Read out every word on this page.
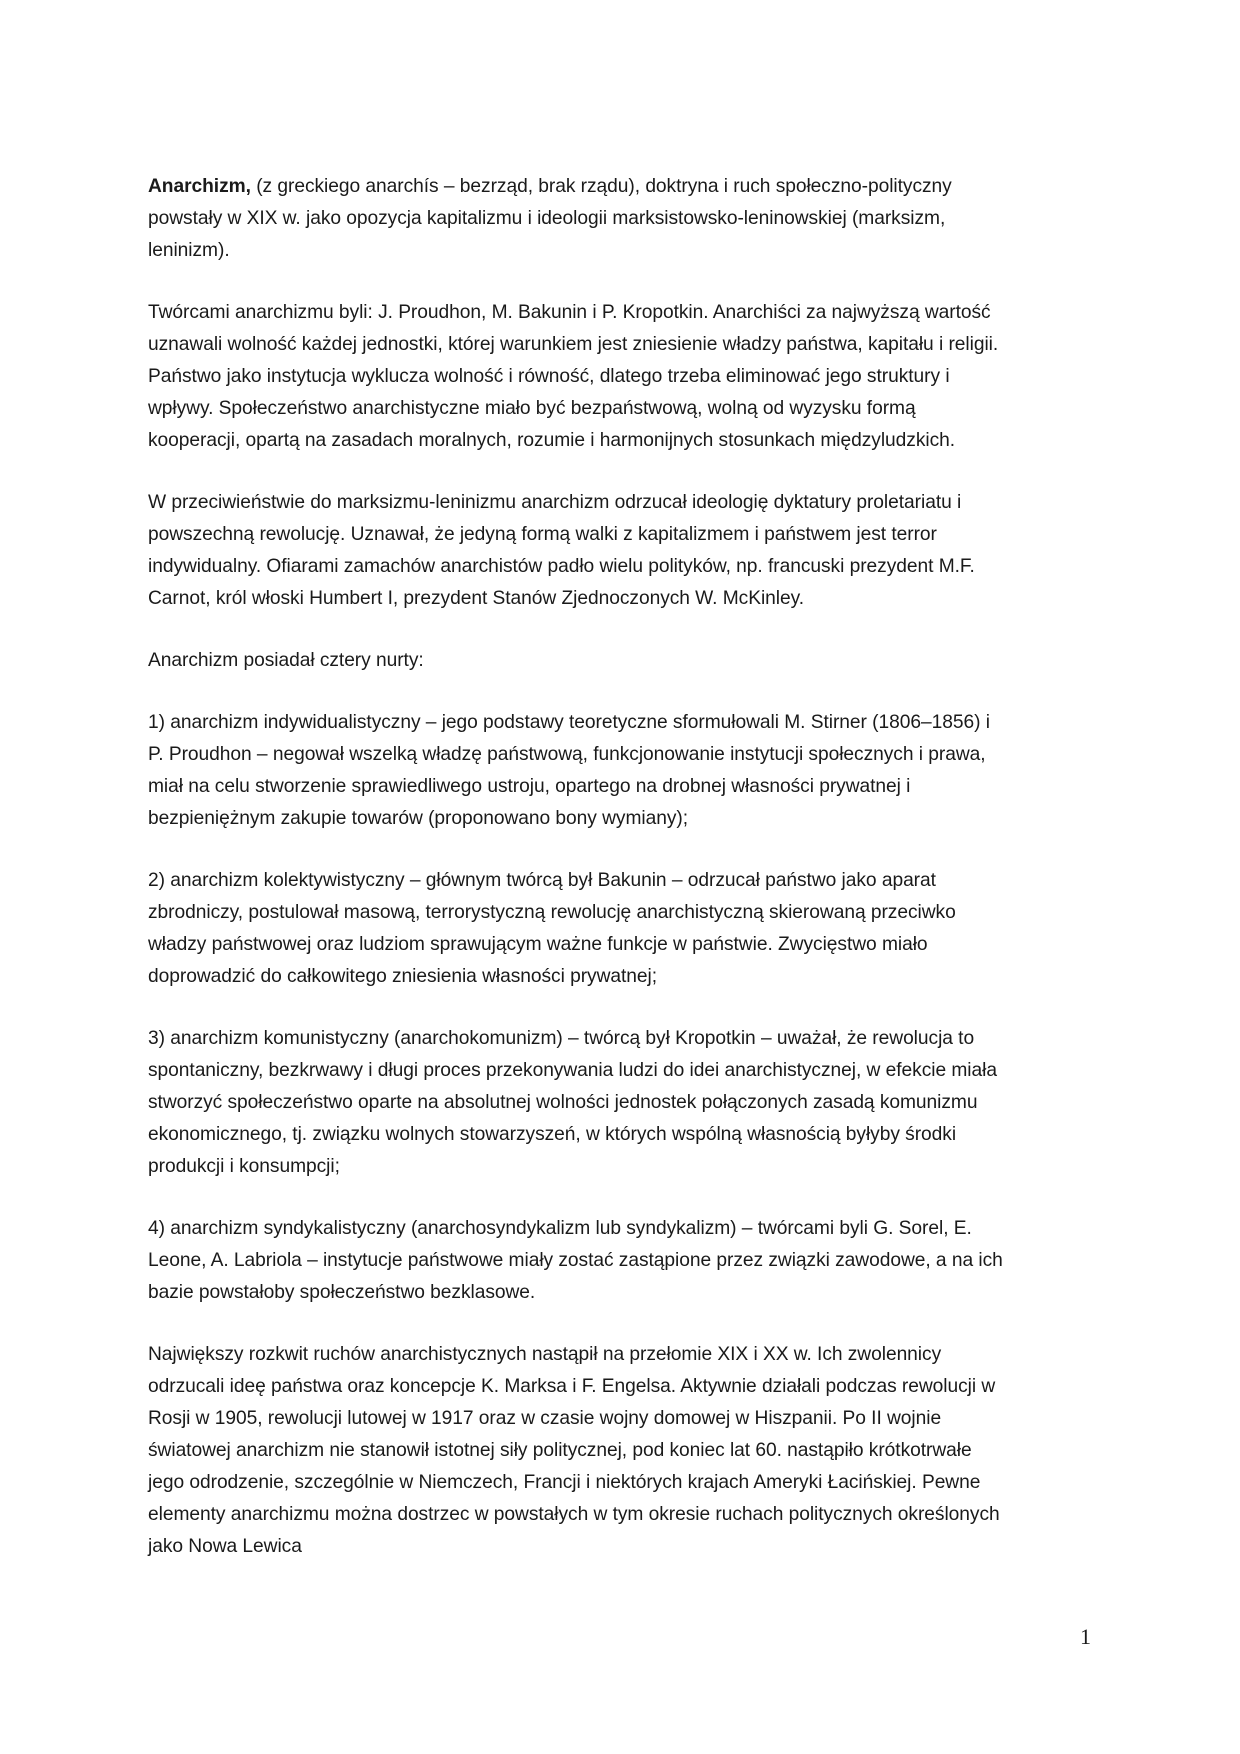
Anarchizm, (z greckiego anarchís – bezrząd, brak rządu), doktryna i ruch społeczno-polityczny
powstały w XIX w. jako opozycja kapitalizmu i ideologii marksistowsko-leninowskiej (marksizm,
leninizm).

Twórcami anarchizmu byli: J. Proudhon, M. Bakunin i P. Kropotkin. Anarchiści za najwyższą wartość
uznawali wolność każdej jednostki, której warunkiem jest zniesienie władzy państwa, kapitału i religii.
Państwo jako instytucja wyklucza wolność i równość, dlatego trzeba eliminować jego struktury i
wpływy. Społeczeństwo anarchistyczne miało być bezpaństwową, wolną od wyzysku formą
kooperacji, opartą na zasadach moralnych, rozumie i harmonijnych stosunkach międzyludzkich.

W przeciwieństwie do marksizmu-leninizmu anarchizm odrzucał ideologię dyktatury proletariatu i
powszechną rewolucję. Uznawał, że jedyną formą walki z kapitalizmem i państwem jest terror
indywidualny. Ofiarami zamachów anarchistów padło wielu polityków, np. francuski prezydent M.F.
Carnot, król włoski Humbert I, prezydent Stanów Zjednoczonych W. McKinley.

Anarchizm posiadał cztery nurty:

1) anarchizm indywidualistyczny – jego podstawy teoretyczne sformułowali M. Stirner (1806–1856) i
P. Proudhon – negował wszelką władzę państwową, funkcjonowanie instytucji społecznych i prawa,
miał na celu stworzenie sprawiedliwego ustroju, opartego na drobnej własności prywatnej i
bezpieniężnym zakupie towarów (proponowano bony wymiany);

2) anarchizm kolektywistyczny – głównym twórcą był Bakunin – odrzucał państwo jako aparat
zbrodniczy, postulował masową, terrorystyczną rewolucję anarchistyczną skierowaną przeciwko
władzy państwowej oraz ludziom sprawującym ważne funkcje w państwie. Zwycięstwo miało
doprowadzić do całkowitego zniesienia własności prywatnej;

3) anarchizm komunistyczny (anarchokomunizm) – twórcą był Kropotkin – uważał, że rewolucja to
spontaniczny, bezkrwawy i długi proces przekonywania ludzi do idei anarchistycznej, w efekcie miała
stworzyć społeczeństwo oparte na absolutnej wolności jednostek połączonych zasadą komunizmu
ekonomicznego, tj. związku wolnych stowarzyszeń, w których wspólną własnością byłyby środki
produkcji i konsumpcji;

4) anarchizm syndykalistyczny (anarchosyndykalizm lub syndykalizm) – twórcami byli G. Sorel, E.
Leone, A. Labriola – instytucje państwowe miały zostać zastąpione przez związki zawodowe, a na ich
bazie powstałoby społeczeństwo bezklasowe.

Największy rozkwit ruchów anarchistycznych nastąpił na przełomie XIX i XX w. Ich zwolennicy
odrzucali ideę państwa oraz koncepcje K. Marksa i F. Engelsa. Aktywnie działali podczas rewolucji w
Rosji w 1905, rewolucji lutowej w 1917 oraz w czasie wojny domowej w Hiszpanii. Po II wojnie
światowej anarchizm nie stanowił istotnej siły politycznej, pod koniec lat 60. nastąpiło krótkotrwałe
jego odrodzenie, szczególnie w Niemczech, Francji i niektórych krajach Ameryki Łacińskiej. Pewne
elementy anarchizmu można dostrzec w powstałych w tym okresie ruchach politycznych określonych
jako Nowa Lewica

1
